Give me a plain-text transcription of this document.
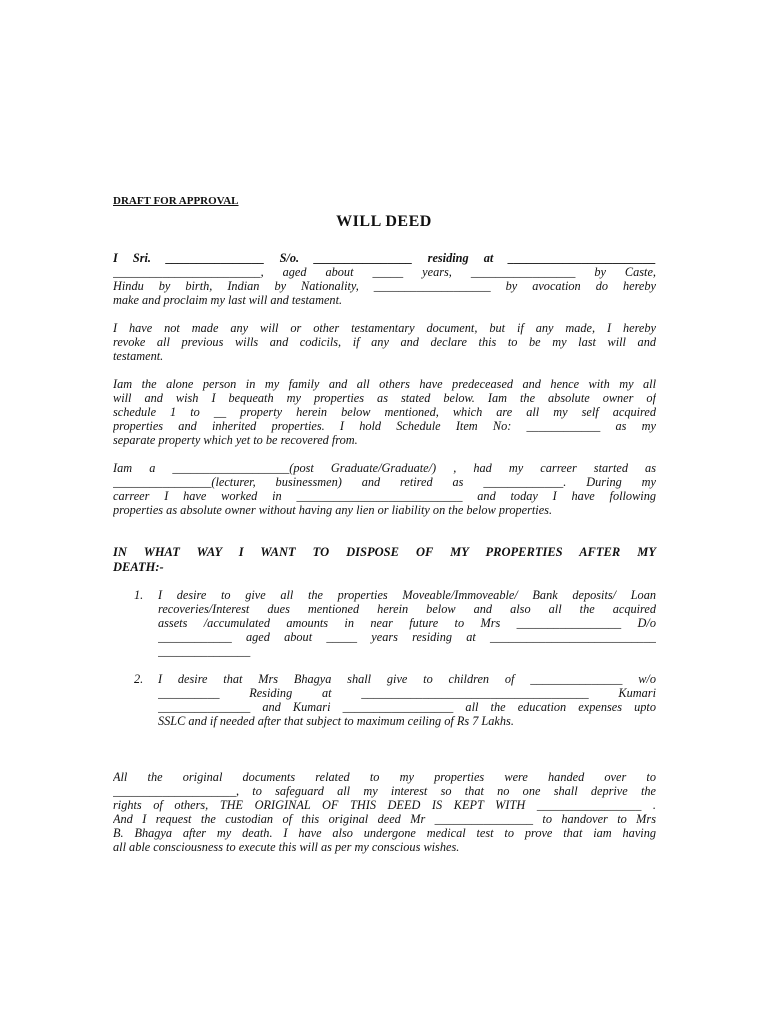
DRAFT FOR APPROVAL
WILL DEED
I Sri. ________________ S/o. ________________ residing at ________________________
________________________, aged about _____ years, _________________ by Caste,
Hindu by birth, Indian by Nationality, ___________________ by avocation do hereby
make and proclaim my last will and testament.
I have not made any will or other testamentary document, but if any made, I hereby
revoke all previous wills and codicils, if any and declare this to be my last will and
testament.
Iam the alone person in my family and all others have predeceased and hence with my all
will and wish I bequeath my properties as stated below. Iam the absolute owner of
schedule 1 to __ property herein below mentioned, which are all my self acquired
properties and inherited properties. I hold Schedule Item No: ____________ as my
separate property which yet to be recovered from.
Iam a ___________________(post Graduate/Graduate/) , had my carreer started as
________________(lecturer, businessmen) and retired as _____________. During my
carreer I have worked in ___________________________ and today I have following
properties as absolute owner without having any lien or liability on the below properties.
IN WHAT WAY I WANT TO DISPOSE OF MY PROPERTIES AFTER MY
DEATH:-
1.	I desire to give all the properties Moveable/Immoveable/ Bank deposits/ Loan
recoveries/Interest dues mentioned herein below and also all the acquired
assets /accumulated amounts in near future to Mrs _________________ D/o
____________ aged about _____ years residing at ___________________________
_______________
2.	I desire that Mrs Bhagya shall give to children of _______________ w/o
__________ Residing at _____________________________________ Kumari
_______________ and Kumari __________________ all the education expenses upto
SSLC and if needed after that subject to maximum ceiling of Rs 7 Lakhs.
All the original documents related to my properties were handed over to
____________________, to safeguard all my interest so that no one shall deprive the
rights of others, THE ORIGINAL OF THIS DEED IS KEPT WITH _________________ .
And I request the custodian of this original deed Mr ________________ to handover to Mrs
B. Bhagya after my death. I have also undergone medical test to prove that iam having
all able consciousness to execute this will as per my conscious wishes.
